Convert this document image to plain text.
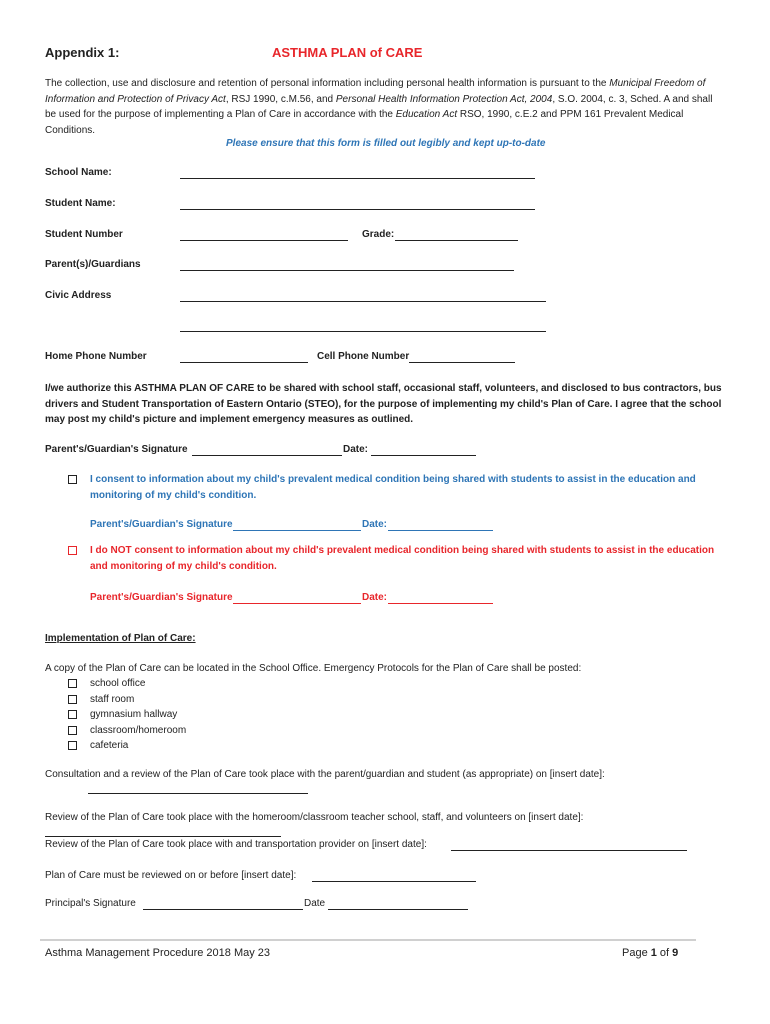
Appendix 1:	ASTHMA PLAN of CARE
The collection, use and disclosure and retention of personal information including personal health information is pursuant to the Municipal Freedom of Information and Protection of Privacy Act, RSJ 1990, c.M.56, and Personal Health Information Protection Act, 2004, S.O. 2004, c. 3, Sched. A and shall be used for the purpose of implementing a Plan of Care in accordance with the Education Act RSO, 1990, c.E.2 and PPM 161 Prevalent Medical Conditions.
Please ensure that this form is filled out legibly and kept up-to-date
School Name:
Student Name:
Student Number	Grade:
Parent(s)/Guardians
Civic Address
Home Phone Number	Cell Phone Number
I/we authorize this ASTHMA PLAN OF CARE to be shared with school staff, occasional staff, volunteers, and disclosed to bus contractors, bus drivers and Student Transportation of Eastern Ontario (STEO), for the purpose of implementing my child's Plan of Care. I agree that the school may post my child's picture and implement emergency measures as outlined.
Parent's/Guardian's Signature	Date:
I consent to information about my child's prevalent medical condition being shared with students to assist in the education and monitoring of my child's condition.
Parent's/Guardian's Signature	Date:
I do NOT consent to information about my child's prevalent medical condition being shared with students to assist in the education and monitoring of my child's condition.
Parent's/Guardian's Signature	Date:
Implementation of Plan of Care:
A copy of the Plan of Care can be located in the School Office. Emergency Protocols for the Plan of Care shall be posted:
school office
staff room
gymnasium hallway
classroom/homeroom
cafeteria
Consultation and a review of the Plan of Care took place with the parent/guardian and student (as appropriate) on [insert date]:
Review of the Plan of Care took place with the homeroom/classroom teacher school, staff, and volunteers on [insert date]:
Review of the Plan of Care took place with and transportation provider on [insert date]:
Plan of Care must be reviewed on or before [insert date]:
Principal's Signature	Date
Asthma Management Procedure 2018 May 23	Page 1 of 9
